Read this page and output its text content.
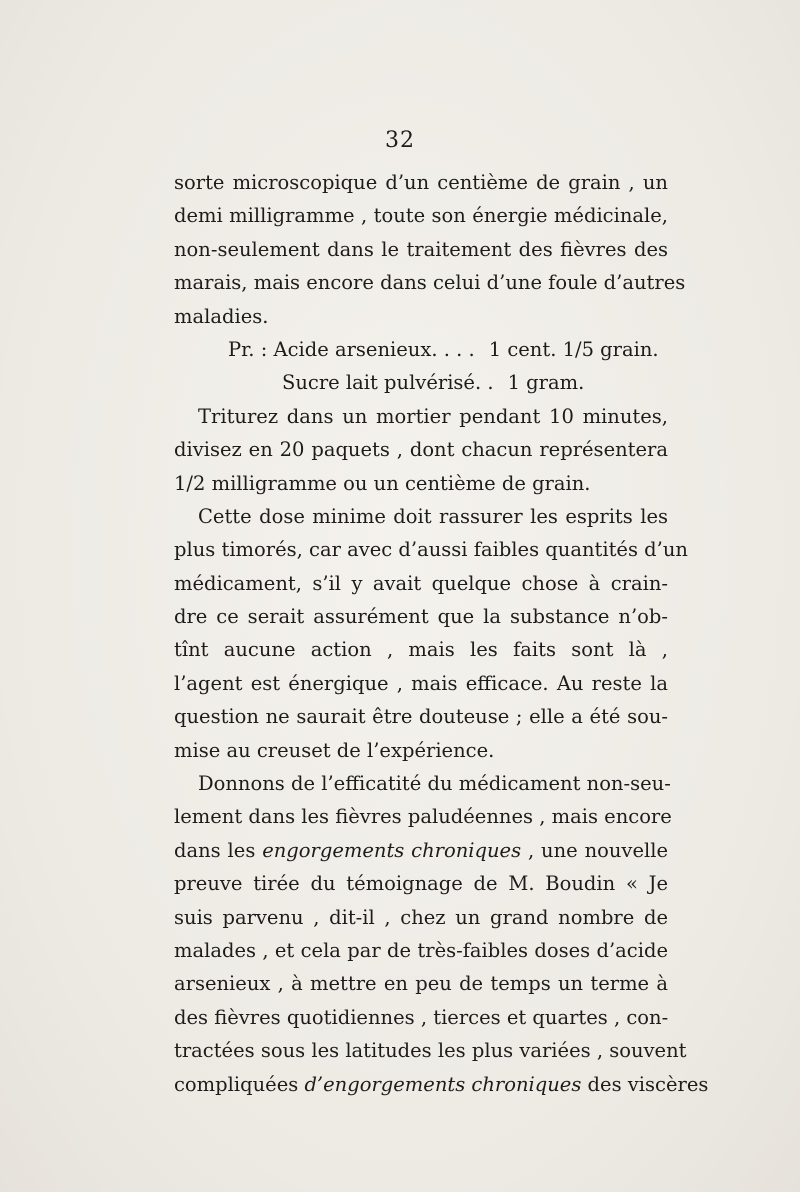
32
sorte microscopique d’un centième de grain , un
demi milligramme , toute son énergie médicinale,
non-seulement dans le traitement des fièvres des
marais, mais encore dans celui d’une foule d’autres
maladies.
Pr. : Acide arsenieux. . . . 1 cent. 1/5 grain.
Sucre lait pulvérisé. . 1 gram.
Triturez dans un mortier pendant 10 minutes,
divisez en 20 paquets , dont chacun représentera
1/2 milligramme ou un centième de grain.
Cette dose minime doit rassurer les esprits les
plus timorés, car avec d’aussi faibles quantités d’un
médicament, s’il y avait quelque chose à crain-
dre ce serait assurément que la substance n’ob-
tînt aucune action , mais les faits sont là ,
l’agent est énergique , mais efficace. Au reste la
question ne saurait être douteuse ; elle a été sou-
mise au creuset de l’expérience.
Donnons de l’efficatité du médicament non-seu-
lement dans les fièvres paludéennes , mais encore
dans les engorgements chroniques , une nouvelle
preuve tirée du témoignage de M. Boudin « Je
suis parvenu , dit-il , chez un grand nombre de
malades , et cela par de très-faibles doses d’acide
arsenieux , à mettre en peu de temps un terme à
des fièvres quotidiennes , tierces et quartes , con-
tractées sous les latitudes les plus variées , souvent
compliquées d’engorgements chroniques des viscères
